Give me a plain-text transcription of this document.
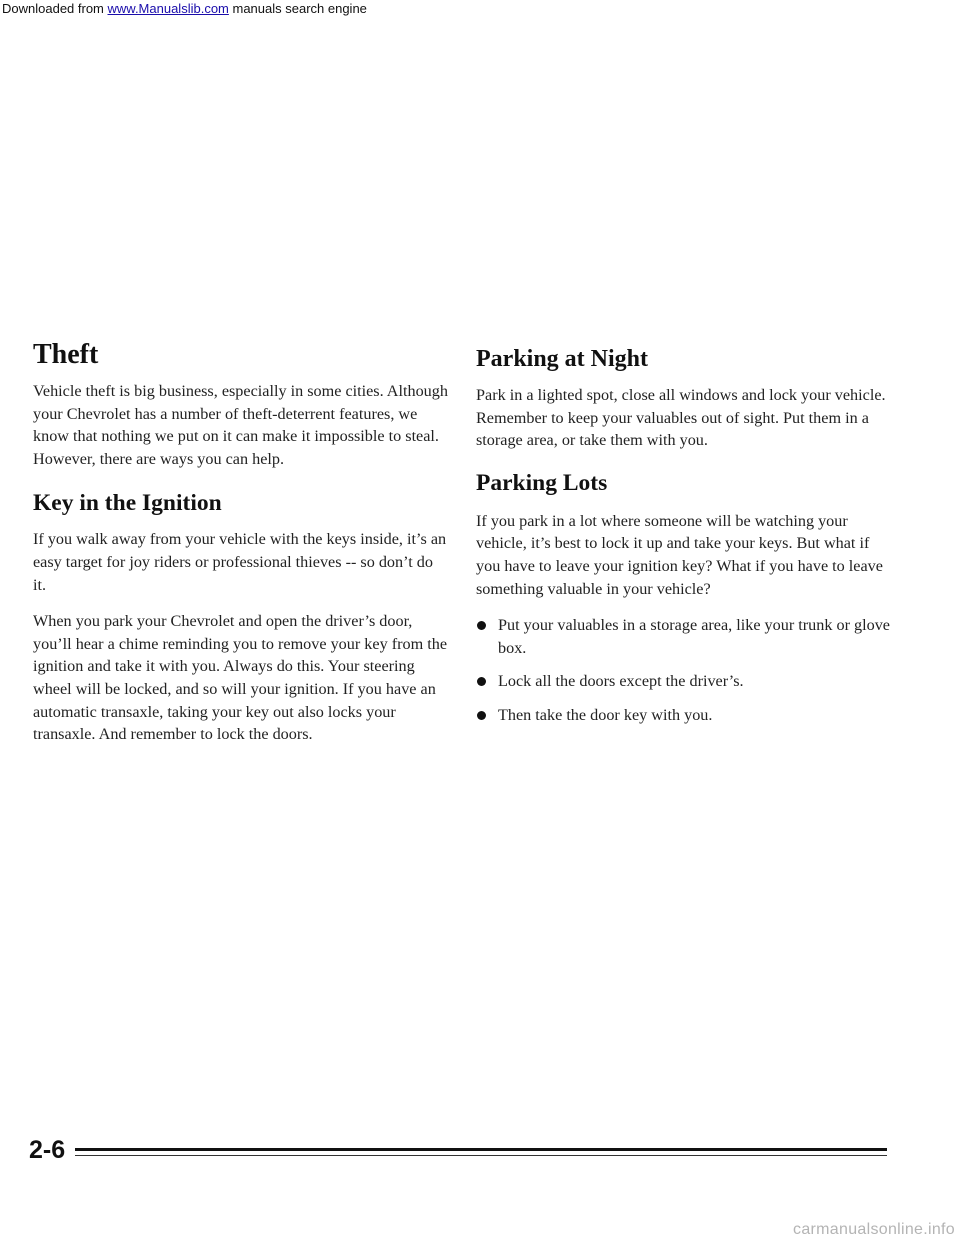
Downloaded from www.Manualslib.com manuals search engine
Theft

Vehicle theft is big business, especially in some cities. Although your Chevrolet has a number of theft-deterrent features, we know that nothing we put on it can make it impossible to steal. However, there are ways you can help.

Key in the Ignition

If you walk away from your vehicle with the keys inside, it’s an easy target for joy riders or professional thieves -- so don’t do it.

When you park your Chevrolet and open the driver’s door, you’ll hear a chime reminding you to remove your key from the ignition and take it with you. Always do this. Your steering wheel will be locked, and so will your ignition. If you have an automatic transaxle, taking your key out also locks your transaxle. And remember to lock the doors.

Parking at Night

Park in a lighted spot, close all windows and lock your vehicle. Remember to keep your valuables out of sight. Put them in a storage area, or take them with you.

Parking Lots

If you park in a lot where someone will be watching your vehicle, it’s best to lock it up and take your keys. But what if you have to leave your ignition key? What if you have to leave something valuable in your vehicle?

Put your valuables in a storage area, like your trunk or glove box.
Lock all the doors except the driver’s.
Then take the door key with you.
2-6
carmanualsonline.info
